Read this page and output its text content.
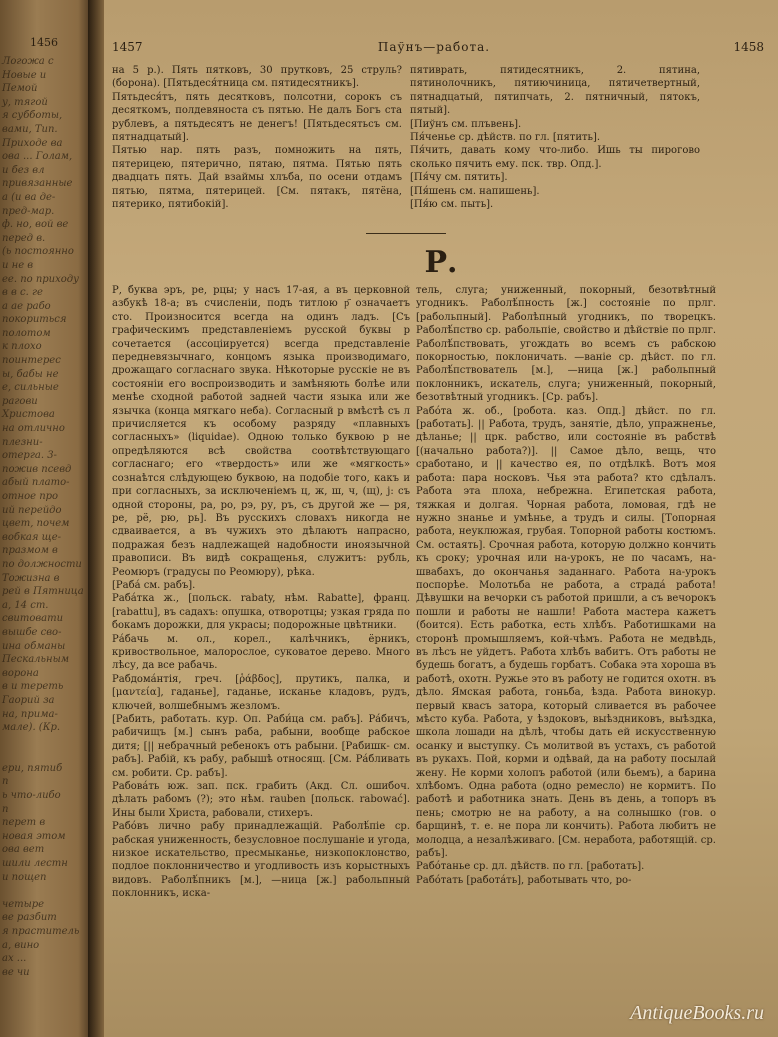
1456
Логожа с
Новые и
Пемой
у, тягой
я субботы,
вами, Тип.
Приходе ва
ова ... Голам,
и без вл
привязанные
а (и ва де-
пред-мар.
ф. но, вой ве
перед в.
(ь постоянно
и не в
ее. по приходу
в в с. ге
а ае рабо
покориться
полотом
к плохо
поинтерес
ы, бабы не
е, сильные
рагови
Христова
на отлично
плезни-
отерга. 3-
пожив псевд
абый плато-
отное про
ий перейдо
цвет, почем
вобкая ще-
празмом в
по должности
Тожизна в
рей в Пятница
а, 14 ст.
свитовати
вышбе сво-
ина обманы
Пескальным
ворона
в и тереть
Гаорий за
на, прима-
мале). (Кр.

ери, пятиб
п
ь что-либо
п
перет в
новая этом
ова вет
шили лестн
и пощеп

четыре
ве разбит
я праститель
а, вино
ах ...
ве чи
1457	Паўнъ—работа.	1458

на 5 р.). Пять пятковъ, 30 прутковъ, 25 струль? (борона). [Пятьдеся́тница см. пятидесятникъ].

Пятьдеся́тъ, пять десятковъ, полсотни, сорокъ съ десяткомъ, полдевяноста съ пятью. Не далъ Богъ ста рублевъ, а пятьдесятъ не денегъ! [Пятьдесятьсъ см. пятнадцатый].

Пятью нар. пять разъ, помножить на пять, пятерицею, пятерично, пятаю, пятма. Пятью пять двадцать пять. Дай взаймы хлъба, по осени отдамъ пятью, пятма, пятерицей. [См. пятакъ, пятёна, пятерико, пятибокій].

пятиврать, пятидесятникъ, 2. пятина, пятинолочникъ, пятиючиница, пятичетвертный, пятнадцатый, пятипчать, 2. пятничный, пятокъ, пятый].

[Пиўнъ см. плъвень].

Пя́ченье ср. дѣйств. по гл. [пятить].

Пя́чить, давать кому что-либо. Ишь ты пирогово сколько пячить ему. пск. твр. Опд.].

[Пя́чу см. пятить].

[Пя́шень см. напишень].

[Пя́ю см. пыть].

Р.

Р, буква эръ, ре, рцы; у насъ 17-ая, а въ церковной азбукѣ 18-а; въ счисленіи, подъ титлою р҃ означаетъ сто. Произносится всегда на одинъ ладъ. [Съ графическимъ представленіемъ русской буквы р сочетается (ассоціируется) всегда представленіе передневязычнаго, концомъ языка производимаго, дрожащаго согласнаго звука. Нѣкоторые русскіе не въ состояніи его воспроизводить и замѣняють болѣе или менѣе сходной работой задней части языка или же язычка (конца мягкаго неба). Согласный р вмѣстѣ съ л причисляется къ особому разряду «плавныхъ согласныхъ» (liquidae). Одною только буквою р не опредѣляются всѣ свойства соотвѣтствующаго согласнаго; его «твердость» или же «мягкость» сознаѣтся слѣдующею буквою, на подобіе того, какъ и при согласныхъ, за исключеніемъ ц, ж, ш, ч, (щ), j: съ одной стороны, ра, ро, рэ, ру, ръ, съ другой же — ря, ре, рё, рю, рь]. Въ русскихъ словахъ никогда не сдваивается, а въ чужихъ это дѣлаютъ напрасно, подражая безъ надлежащей надобности иноязычной правописи. Въ видѣ сокращенья, служитъ: рубль, Реомюръ (градусы по Реомюру), рѣка.

[Раба́ см. рабъ].

Раба́тка ж., [польск. rabaty, нѣм. Rabatte], франц. [rabattu], въ садахъ: опушка, отворотцы; узкая гряда по бокамъ дорожки, для украсы; подорожные цвѣтники.

Ра́бачь м. ол., корел., калѣчникъ, ёрникъ, кривоствольное, малорослое, суковатое дерево. Много лѣсу, да все рабачь.

Рабдома́нтія, греч. [ῥάβδος], прутикъ, палка, и [μαντεία], гаданье], гаданье, исканье кладовъ, рудъ, ключей, волшебнымъ жезломъ.

[Рабить, работать. кур. Оп. Раби́ца см. рабъ]. Ра́бичъ, рабичищъ [м.] сынъ раба, рабыни, вообще рабское дитя; [|| небрачный ребенокъ отъ рабыни. [Рабишк- см. рабъ]. Рабій, къ рабу, рабышѣ относящ. [См. Ра́бливать см. робити. Ср. рабъ].

Рабова́ть юж. зап. пск. грабить (Акд. Сл. ошибоч. дѣлать рабомъ (?); это нѣм. rauben [польск. rabować]. Ины были Христа, рабовали, стихеръ.

Рабо́въ лично рабу принадлежащій. Раболѣ́піе ср. рабская униженность, безусловное послушаніе и угода, низкое искательство, пресмыканье, низкопоклонство, подлое поклонничество и угодливость изъ корыстныхъ видовъ. Раболѣ́пникъ [м.], —ница [ж.] рабольпный поклонникъ, иска-

тель, слуга; униженный, покорный, безотвѣтный угодникъ. Раболѣ́пность [ж.] состояніе по прлг. [рабольпный]. Раболѣпный угодникъ, по творецкъ. Раболѣ́пство ср. рабольпіе, свойство и дѣйствіе по прлг. Раболѣ́пствовать, угождать во всемъ съ рабскою покорностью, поклоничать. —ваніе ср. дѣйст. по гл. Раболѣ́пствователь [м.], —ница [ж.] рабольпный поклонникъ, искатель, слуга; униженный, покорный, безотвѣтный угодникъ. [Ср. рабъ].

Рабо́та ж. об., [робота. каз. Опд.] дѣйст. по гл. [работать]. || Работа, трудъ, занятіе, дѣло, упражненье, дѣланье; || црк. рабство, или состояніе въ рабствѣ [(начально работа?)]. || Самое дѣло, вещь, что сработано, и || качество ея, по отдѣлкѣ. Вотъ моя работа: пара носковъ. Чья эта работа? кто сдѣлалъ. Работа эта плоха, небрежна. Египетская работа, тяжкая и долгая. Чорная работа, ломовая, гдѣ не нужно знанье и умѣнье, а трудъ и силы. [Топорная работа, неуклюжая, грубая. Топорной работы костюмъ. См. остаять]. Срочная работа, которую должно кончить къ сроку; урочная или на-урокъ, не по часамъ, на-швабахъ, до окончанья заданнаго. Работа на-урокъ поспорѣе. Молотьба не работа, а страдá работа! Дѣвушки на вечорки съ работой пришли, а съ вечорокъ пошли и работы не нашли! Работа мастера кажетъ (боится). Есть работка, есть хлѣбъ. Работишками на сторонѣ промышляемъ, кой-чѣмъ. Работа не медвѣдь, въ лѣсъ не уйдетъ. Работа хлѣбъ вабитъ. Отъ работы не будешь богатъ, а будешь горбатъ. Собака эта хороша въ работѣ, охотн. Ружье это въ работу не годится охотн. въ дѣло. Ямская работа, гоньба, ѣзда. Работа винокур. первый квасъ затора, который сливается въ рабочее мѣсто куба. Работа, у ѣздоковъ, выѣздниковъ, выѣздка, школа лошади на дѣлѣ, чтобы дать ей искусственную осанку и выступку. Съ молитвой въ устахъ, съ работой въ рукахъ. Пой, корми и одѣвай, да на работу посылай жену. Не корми холопъ работой (или бьемъ), а барина хлѣбомъ. Одна работа (одно ремесло) не кормитъ. По работѣ и работника знать. День въ день, а топоръ въ пень; смотрю не на работу, а на солнышко (гов. о барщинѣ, т. е. не пора ли кончить). Работа любитъ не молодца, а незалѣживаго. [См. неработа, работящій. ср. рабъ].

Рабо́танье ср. дл. дѣйств. по гл. [работать].

Рабо́тать [работа́ть], работывать что, ро-

AntiqueBooks.ru
